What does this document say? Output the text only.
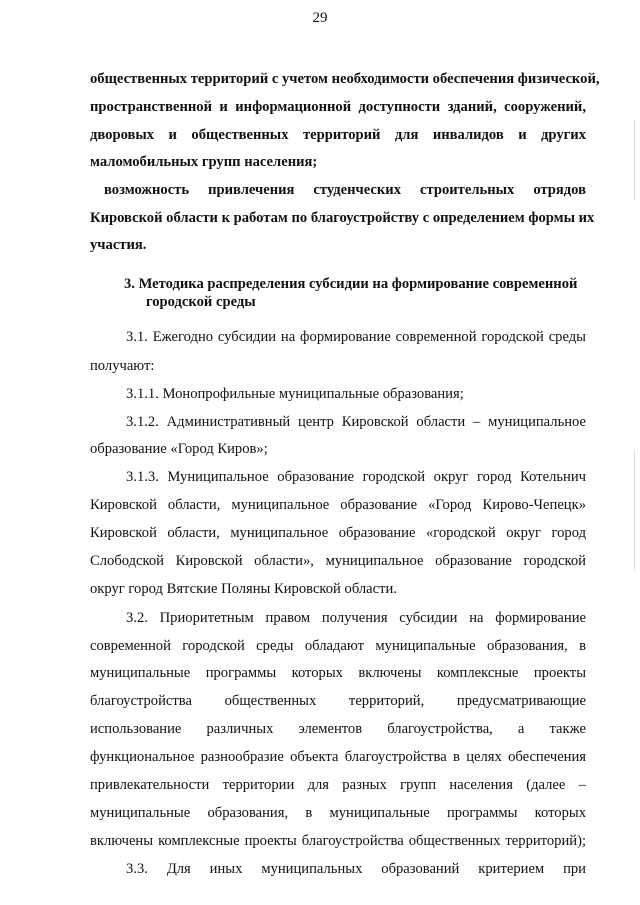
29
общественных территорий с учетом необходимости обеспечения физической,
пространственной и информационной доступности зданий, сооружений,
дворовых и общественных территорий для инвалидов и других
маломобильных групп населения;
возможность привлечения студенческих строительных отрядов
Кировской области к работам по благоустройству с определением формы их
участия.
3.1. Ежегодно субсидии на формирование современной городской среды
получают:
3.1.1. Монопрофильные муниципальные образования;
3.1.2. Административный центр Кировской области – муниципальное
образование «Город Киров»;
3.1.3. Муниципальное образование городской округ город Котельнич
Кировской области, муниципальное образование «Город Кирово-Чепецк»
Кировской области, муниципальное образование «городской округ город
Слободской Кировской области», муниципальное образование городской
округ город Вятские Поляны Кировской области.
3.2. Приоритетным правом получения субсидии на формирование
современной городской среды обладают муниципальные образования, в
муниципальные программы которых включены комплексные проекты
благоустройства общественных территорий, предусматривающие
использование различных элементов благоустройства, а также
функциональное разнообразие объекта благоустройства в целях обеспечения
привлекательности территории для разных групп населения (далее –
муниципальные образования, в муниципальные программы которых
включены комплексные проекты благоустройства общественных территорий);
3.3. Для иных муниципальных образований критерием при
3. Методика распределения субсидии на формирование современной
городской среды
